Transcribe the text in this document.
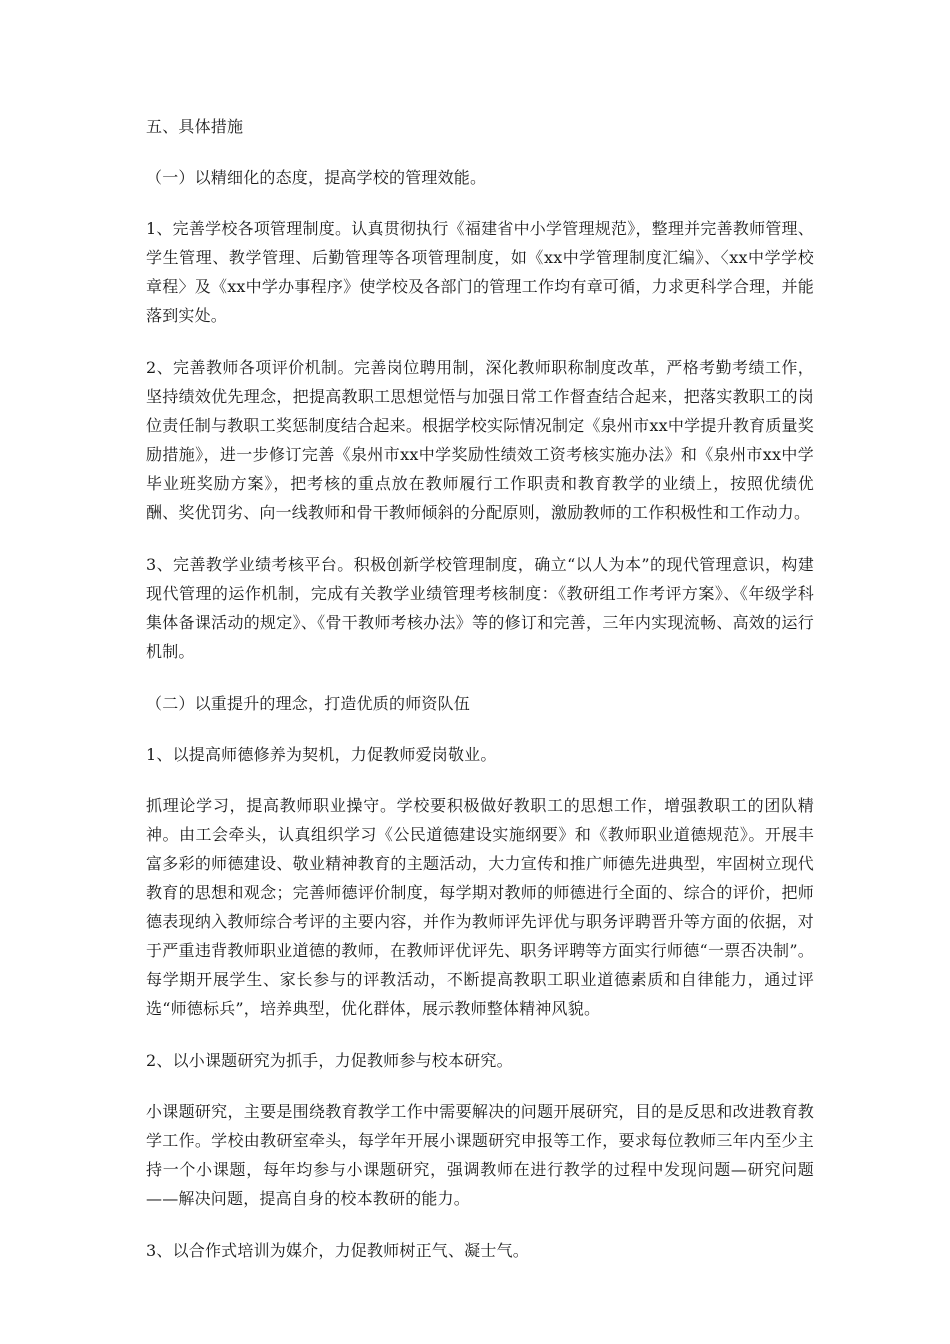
五、具体措施

（一）以精细化的态度，提高学校的管理效能。

1、完善学校各项管理制度。认真贯彻执行《福建省中小学管理规范》，整理并完善教师管理、学生管理、教学管理、后勤管理等各项管理制度，如《xx中学管理制度汇编》、〈xx中学学校章程〉及《xx中学办事程序》使学校及各部门的管理工作均有章可循，力求更科学合理，并能落到实处。

2、完善教师各项评价机制。完善岗位聘用制，深化教师职称制度改革，严格考勤考绩工作，坚持绩效优先理念，把提高教职工思想觉悟与加强日常工作督查结合起来，把落实教职工的岗位责任制与教职工奖惩制度结合起来。根据学校实际情况制定《泉州市xx中学提升教育质量奖励措施》，进一步修订完善《泉州市xx中学奖励性绩效工资考核实施办法》和《泉州市xx中学毕业班奖励方案》，把考核的重点放在教师履行工作职责和教育教学的业绩上，按照优绩优酬、奖优罚劣、向一线教师和骨干教师倾斜的分配原则，激励教师的工作积极性和工作动力。

3、完善教学业绩考核平台。积极创新学校管理制度，确立“以人为本”的现代管理意识，构建现代管理的运作机制，完成有关教学业绩管理考核制度：《教研组工作考评方案》、《年级学科集体备课活动的规定》、《骨干教师考核办法》等的修订和完善，三年内实现流畅、高效的运行机制。

（二）以重提升的理念，打造优质的师资队伍

1、以提高师德修养为契机，力促教师爱岗敬业。

抓理论学习，提高教师职业操守。学校要积极做好教职工的思想工作，增强教职工的团队精神。由工会牵头，认真组织学习《公民道德建设实施纲要》和《教师职业道德规范》。开展丰富多彩的师德建设、敬业精神教育的主题活动，大力宣传和推广师德先进典型，牢固树立现代教育的思想和观念；完善师德评价制度，每学期对教师的师德进行全面的、综合的评价，把师德表现纳入教师综合考评的主要内容，并作为教师评先评优与职务评聘晋升等方面的依据，对于严重违背教师职业道德的教师，在教师评优评先、职务评聘等方面实行师德“一票否决制”。每学期开展学生、家长参与的评教活动，不断提高教职工职业道德素质和自律能力，通过评选“师德标兵”，培养典型，优化群体，展示教师整体精神风貌。

2、以小课题研究为抓手，力促教师参与校本研究。

小课题研究，主要是围绕教育教学工作中需要解决的问题开展研究，目的是反思和改进教育教学工作。学校由教研室牵头，每学年开展小课题研究申报等工作，要求每位教师三年内至少主持一个小课题，每年均参与小课题研究，强调教师在进行教学的过程中发现问题—研究问题——解决问题，提高自身的校本教研的能力。

3、以合作式培训为媒介，力促教师树正气、凝士气。
